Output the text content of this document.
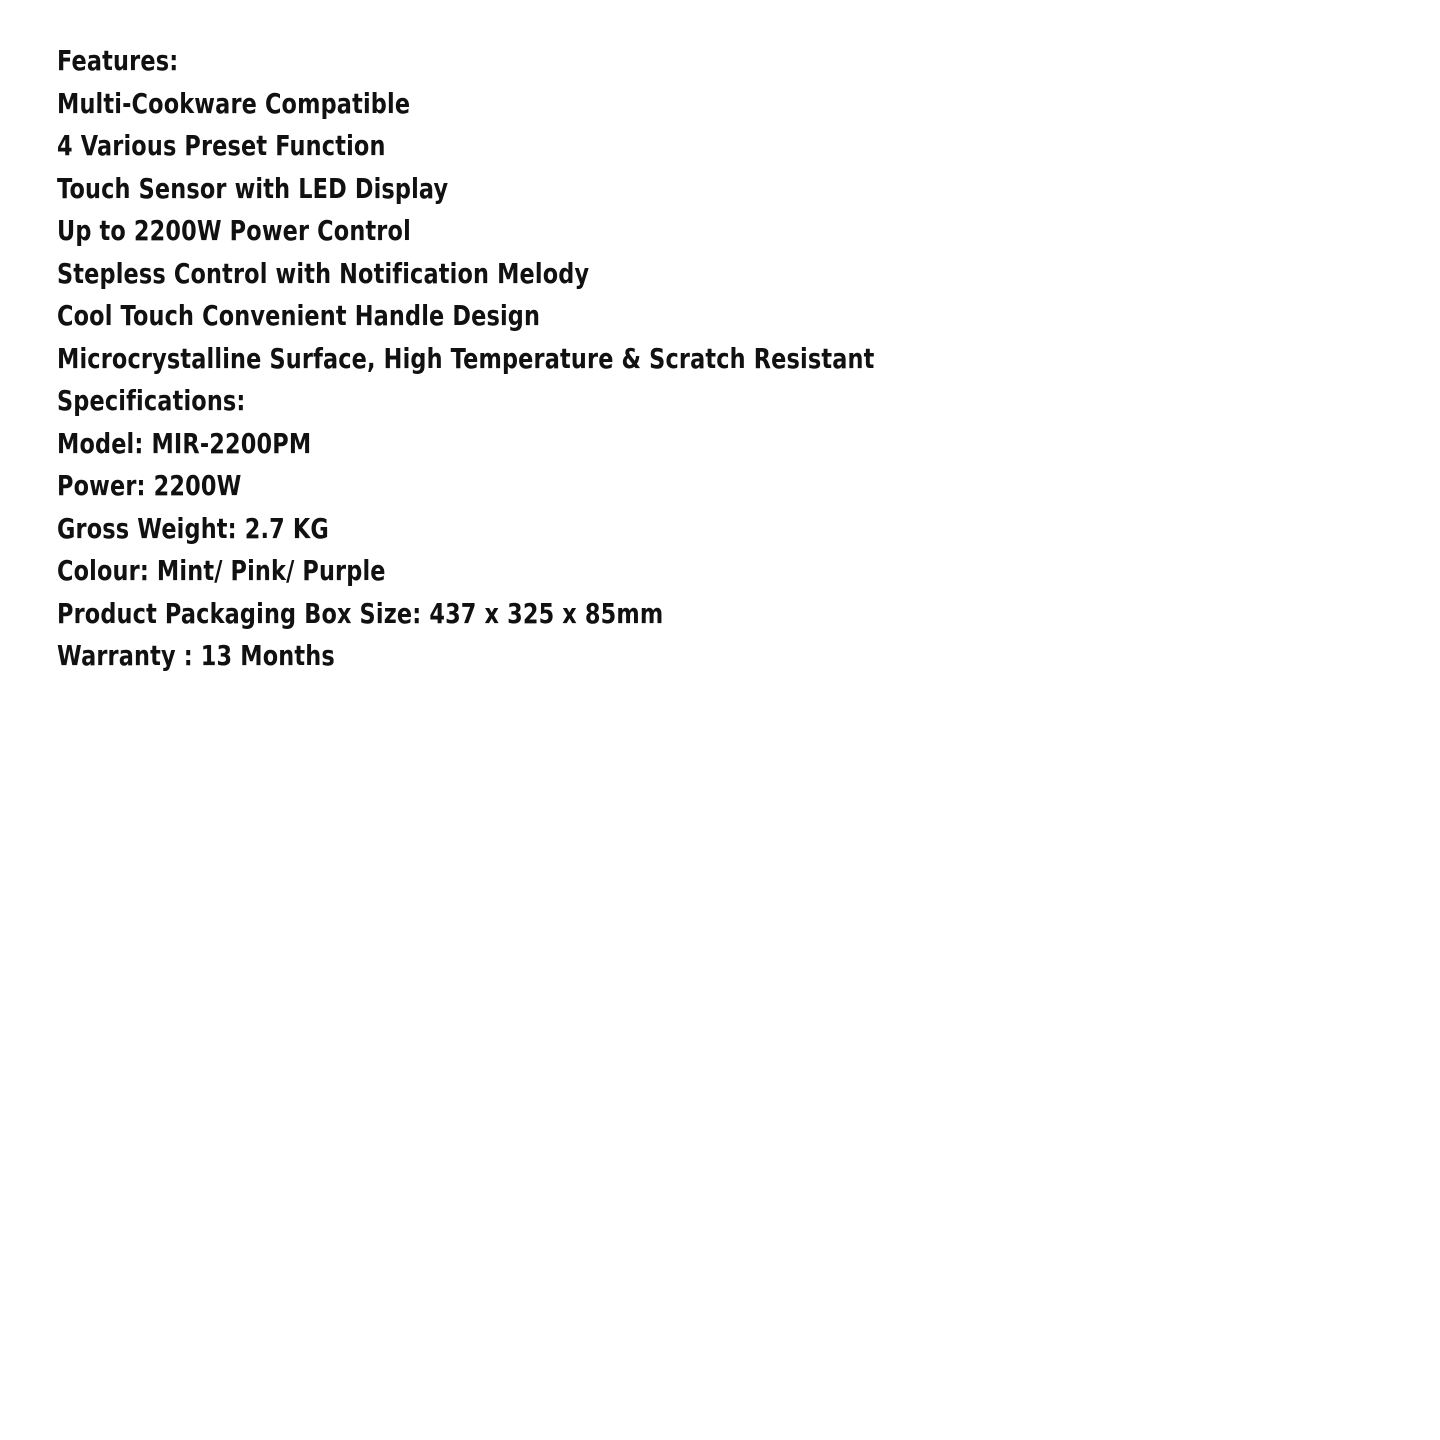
Features:
Multi-Cookware Compatible
4 Various Preset Function
Touch Sensor with LED Display
Up to 2200W Power Control
Stepless Control with Notification Melody
Cool Touch Convenient Handle Design
Microcrystalline Surface, High Temperature & Scratch Resistant
Specifications:
Model: MIR-2200PM
Power: 2200W
Gross Weight: 2.7 KG
Colour: Mint/ Pink/ Purple
Product Packaging Box Size: 437 x 325 x 85mm
Warranty : 13 Months
